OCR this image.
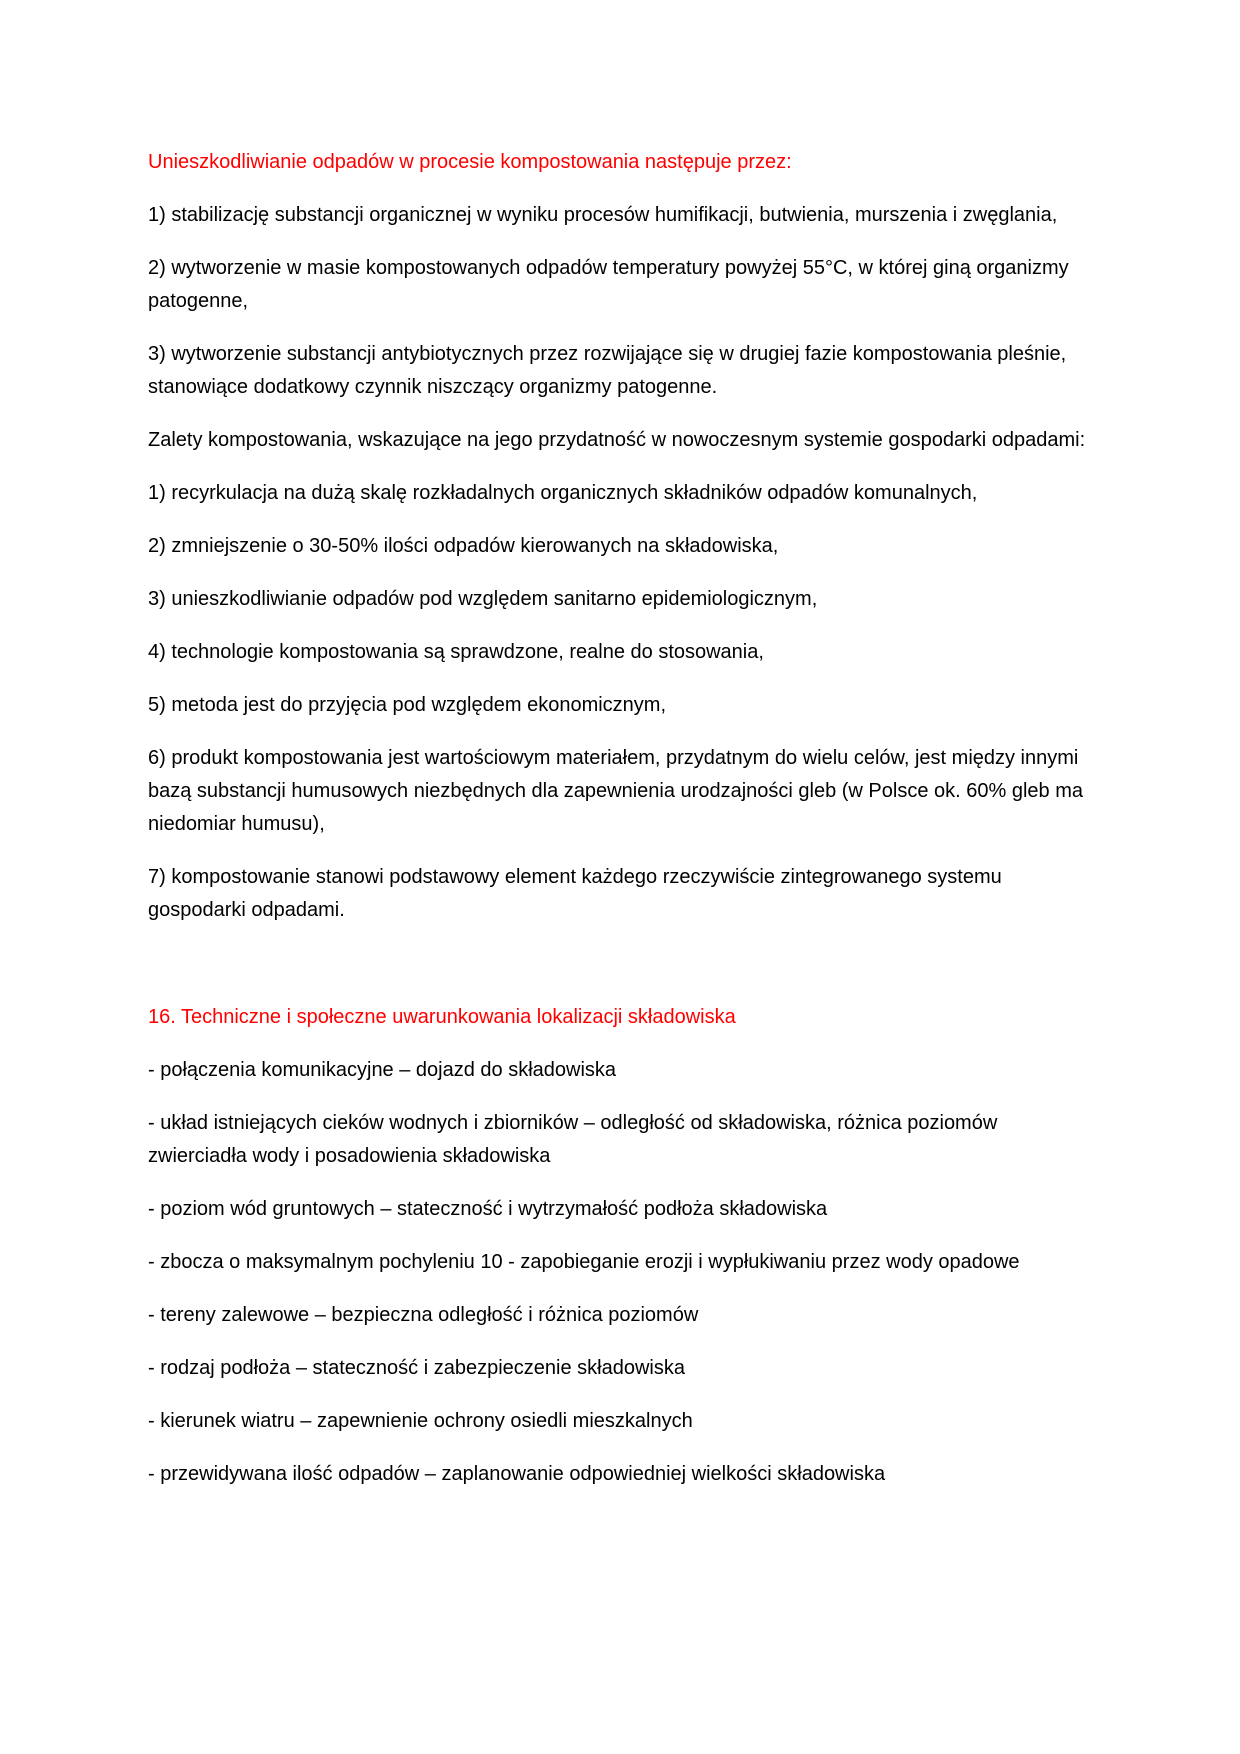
Unieszkodliwianie odpadów w procesie kompostowania następuje przez:

1) stabilizację substancji organicznej w wyniku procesów humifikacji, butwienia, murszenia i zwęglania,

2) wytworzenie w masie kompostowanych odpadów temperatury powyżej 55°C, w której giną organizmy patogenne,

3) wytworzenie substancji antybiotycznych przez rozwijające się w drugiej fazie kompostowania pleśnie, stanowiące dodatkowy czynnik niszczący organizmy patogenne.

Zalety kompostowania, wskazujące na jego przydatność w nowoczesnym systemie gospodarki odpadami:

1) recyrkulacja na dużą skalę rozkładalnych organicznych składników odpadów komunalnych,

2) zmniejszenie o 30-50% ilości odpadów kierowanych na składowiska,

3) unieszkodliwianie odpadów pod względem sanitarno epidemiologicznym,

4) technologie kompostowania są sprawdzone, realne do stosowania,

5) metoda jest do przyjęcia pod względem ekonomicznym,

6) produkt kompostowania jest wartościowym materiałem, przydatnym do wielu celów, jest między innymi bazą substancji humusowych niezbędnych dla zapewnienia urodzajności gleb (w Polsce ok. 60% gleb ma niedomiar humusu),

7) kompostowanie stanowi podstawowy element każdego rzeczywiście zintegrowanego systemu gospodarki odpadami.

16. Techniczne i społeczne uwarunkowania lokalizacji składowiska

- połączenia komunikacyjne – dojazd do składowiska

- układ istniejących cieków wodnych i zbiorników – odległość od składowiska, różnica poziomów zwierciadła wody i posadowienia składowiska

- poziom wód gruntowych – stateczność i wytrzymałość podłoża składowiska

- zbocza o maksymalnym pochyleniu 10 - zapobieganie erozji i wypłukiwaniu przez wody opadowe

- tereny zalewowe – bezpieczna odległość i różnica poziomów

- rodzaj podłoża – stateczność i zabezpieczenie składowiska

- kierunek wiatru – zapewnienie ochrony osiedli mieszkalnych

- przewidywana ilość odpadów – zaplanowanie odpowiedniej wielkości składowiska
